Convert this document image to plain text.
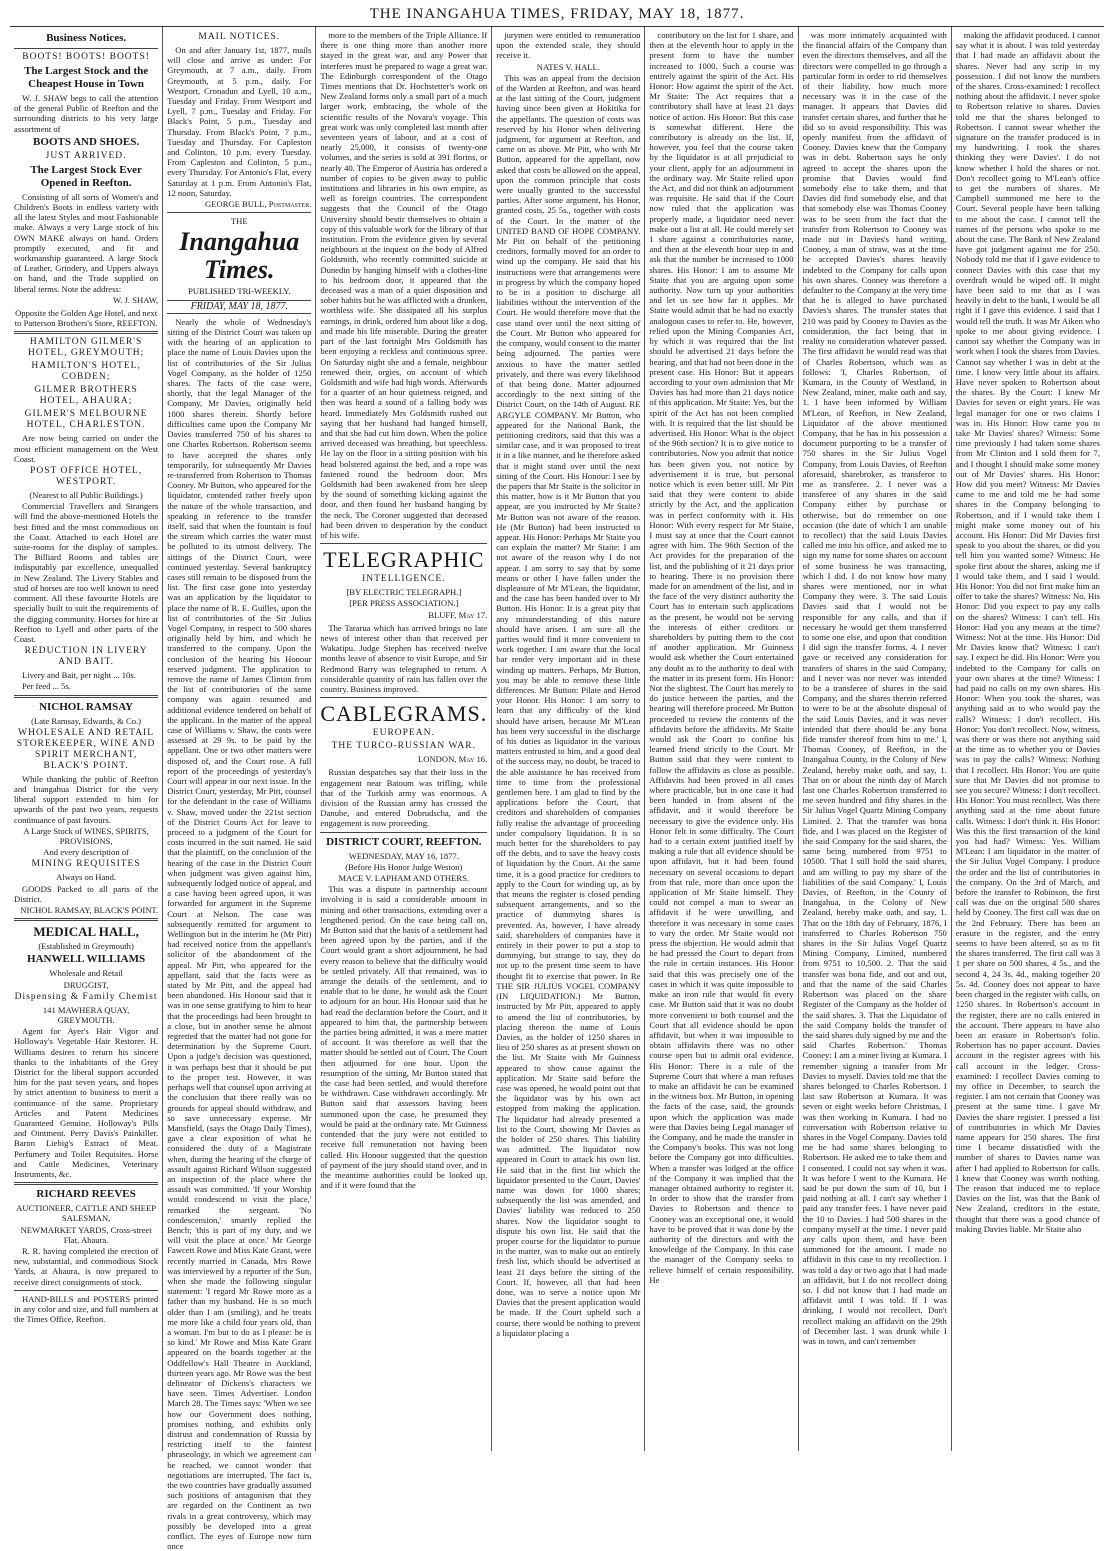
THE INANGAHUA TIMES, FRIDAY, MAY 18, 1877.
Business Notices.
BOOTS! BOOTS! BOOTS!
The Largest Stock and the Cheapest House in Town

W. J. SHAW begs to call the attention of the general Public of Reefton and the surrounding districts to his very large assortment of

BOOTS AND SHOES.
JUST ARRIVED.
The Largest Stock Ever Opened in Reefton.

Consisting of all sorts of Women's and Children's Boots in endless variety with all the latest Styles and most Fashionable make. Always a very Large stock of his OWN MAKE always on hand. Orders promptly executed, and fit and workmanship guaranteed. A large Stock of Leather, Grindery, and Uppers always on hand, and the Trade supplied on liberal terms. Note the address:

W. J. SHAW,

Opposite the Golden Age Hotel, and next to Patterson Brothers's Store, REEFTON.

HAMILTON GILMER'S HOTEL, GREYMOUTH;
HAMILTON'S HOTEL, COBDEN;
GILMER BROTHERS HOTEL, AHAURA;
GILMER'S MELBOURNE HOTEL, CHARLESTON.

Are now being carried on under the most efficient management on the West Coast.

POST OFFICE HOTEL, WESTPORT.

(Nearest to all Public Buildings.)

Commercial Travellers and Strangers will find the above-mentioned Hotels the best fitted and the most commodious on the Coast. Attached to each Hotel are suite-rooms for the display of samples. The Billiard Rooms and tables are indisputably par excellence, unequalled in New Zealand. The Livery Stables and stud of horses are too well known to need comment. All these favourite Hotels are specially built to suit the requirements of the digging community. Horses for hire at Reefton to Lyell and other parts of the Coast.

REDUCTION IN LIVERY AND BAIT.

Livery and Bait, per night ... 10s.

Per feed ... 5s.

NICHOL RAMSAY

(Late Ramsay, Edwards, & Co.)

WHOLESALE AND RETAIL STOREKEEPER, WINE AND SPIRIT MERCHANT, BLACK'S POINT.

While thanking the public of Reefton and Inangahua District for the very liberal support extended to him for upwards of the past two years, requests continuance of past favours.

A Large Stock of WINES, SPIRITS, PROVISIONS,

And every description of

MINING REQUISITES

Always on Hand.

GOODS Packed to all parts of the District.

NICHOL RAMSAY, BLACK'S POINT.
MEDICAL HALL,

(Established in Greymouth)

HANWELL WILLIAMS

Wholesale and Retail

DRUGGIST,

Dispensing & Family Chemist

141 MAWHERA QUAY, GREYMOUTH.

Agent for Ayer's Hair Vigor and Holloway's Vegetable Hair Restorer. H. Williams desires to return his sincere thanks to the inhabitants of the Grey District for the liberal support accorded him for the past seven years, and hopes by strict attention to business to merit a continuance of the same. Proprietary Articles and Patent Medicines Guaranteed Genuine. Holloway's Pills and Ointment. Perry Davis's Painkiller. Baron Liebig's Extract of Meat. Perfumery and Toilet Requisites. Horse and Cattle Medicines, Veterinary Instruments, &c.

RICHARD REEVES

AUCTIONEER, CATTLE AND SHEEP SALESMAN,

NEWMARKET YARDS, Cross-street Flat, Ahaura.

R. R. having completed the erection of new, substantial, and commodious Stock Yards, at Ahaura, is now prepared to receive direct consignments of stock.

HAND-BILLS and POSTERS printed in any color and size, and full numbers at the Times Office, Reefton.

MAIL NOTICES.

On and after January 1st, 1877, mails will close and arrive as under: For Greymouth, at 7 a.m., daily. From Greymouth, at 5 p.m., daily. For Westport, Cronadun and Lyell, 10 a.m., Tuesday and Friday. From Westport and Lyell, 7 p.m., Tuesday and Friday. For Black's Point, 5 p.m., Tuesday and Thursday. From Black's Point, 7 p.m., Tuesday and Thursday. For Capleston and Colinton, 10 p.m. every Tuesday. From Capleston and Colinton, 5 p.m., every Thursday. For Antonio's Flat, every Saturday at 1 p.m. From Antonio's Flat, 12 noon, Saturday.

GEORGE BULL, Postmaster.

THE

Inangahua Times.

PUBLISHED TRI-WEEKLY.

FRIDAY, MAY 18, 1877.

Nearly the whole of Wednesday's sitting of the District Court was taken up with the hearing of an application to place the name of Louis Davies upon the list of contributories of the Sir Julius Vogel Company, as the holder of 1250 shares. The facts of the case were, shortly, that the legal Manager of the Company, Mr Davies, originally held 1000 shares therein. Shortly before difficulties came upon the Company Mr Davies transferred 750 of his shares to one Charles Robertson. Robertson seems to have accepted the shares only temporarily, for subsequently Mr Davies re-transferred from Robertson to Thomas Cooney. Mr Button, who appeared for the liquidator, contended rather freely upon the nature of the whole transaction, and speaking in reference to the transfer itself, said that when the fountain is foul the stream which carries the water must be polluted to its utmost delivery. The sittings of the District Court, were continued yesterday. Several bankruptcy cases still remain to be disposed from the list. The first case gone into yesterday was an application by the liquidator to place the name of R. E. Guilles, upon the list of contributories of the Sir Julius Vogel Company, in respect to 500 shares originally held by him, and which he transferred to the company. Upon the conclusion of the hearing his Honour reserved judgment. The application to remove the name of James Clinton from the list of contributories of the same company was again resumed and additional evidence tendered on behalf of the applicant. In the matter of the appeal case of Williams v. Shaw, the costs were assessed at 29 9s. to be paid by the appellant. One or two other matters were disposed of, and the Court rose. A full report of the proceedings of yesterday's Court will appear in our next issue. In the District Court, yesterday, Mr Pitt, counsel for the defendant in the case of Williams v. Shaw, moved under the 221st section of the District Courts Act for leave to proceed to a judgment of the Court for costs incurred in the suit named. He said that the plaintiff, on the conclusion of the hearing of the case in the District Court when judgment was given against him, subsequently lodged notice of appeal, and a case having been agreed upon, it was forwarded for argument in the Supreme Court at Nelson. The case was subsequently remitted for argument to Wellington but in the interim he (Mr Pitt) had received notice from the appellant's solicitor of the abandonment of the appeal. Mr Pitt, who appeared for the appellant, said that the facts were as stated by Mr Pitt, and the appeal had been abandoned. His Honour said that it was in one sense gratifying to him to hear that the proceedings had been brought to a close, but in another sense he almost regretted that the matter had not gone for determination by the Supreme Court. Upon a judge's decision was questioned, it was perhaps best that it should be put to the proper test. However, it was perhaps well that counsel upon arriving at the conclusion that there really was no grounds for appeal should withdraw, and so save unnecessary expense. Mr Mansfield, (says the Otago Daily Times), gave a clear exposition of what he considered the duty of a Magistrate when, during the hearing of the charge of assault against Richard Wilson suggested an inspection of the place where the assault was committed. 'If your Worship would condescend to visit the place,' remarked the sergeant. 'No condescension,' smartly replied the Bench; 'this is part of my duty, and we will visit the place at once.' Mr George Fawcett Rowe and Miss Kate Grant, were recently married in Canada, Mrs Rowe was interviewed by a reporter of the Sun, when she made the following singular statement: 'I regard Mr Rowe more as a father than my husband. He is so much older than I am (smiling), and he treats me more like a child four years old, than a woman. I'm but to do as I please: he is so kind.' Mr Rowe and Miss Kate Grant appeared on the boards together at the Oddfellow's Hall Theatre in Auckland, thirteen years ago. Mr Rowe was the best delineator of Dickens's characters we have seen. Times Advertiser. London March 28. The Times says: 'When we see how our Government does nothing, promises nothing, and exhibits only distrust and condemnation of Russia by restricting itself to the faintest phraseology, in which we agreement can be reached, we cannot wonder that negotiations are interrupted. The fact is, the two countries have gradually assumed such positions of antagonism that they are regarded on the Continent as two rivals in a great controversy, which may possibly be developed into a great conflict. The eyes of Europe now turn once

more to the members of the Triple Alliance. If there is one thing more than another more stayed in the great war, and any Power that interferes must be prepared to wage a great war. The Edinburgh correspondent of the Otago Times mentions that Dr. Hochstetter's work on New Zealand forms only a small part of a much larger work, embracing, the whole of the scientific results of the Novara's voyage. This great work was only completed last month after seventeen years of labour, and at a cost of nearly 25,000, it consists of twenty-one volumes, and the series is sold at 391 florins, or nearly 40. The Emperor of Austria has ordered a number of copies to be given away to public institutions and libraries in his own empire, as well as foreign countries. The correspondent suggests that the Council of the Otago University should bestir themselves to obtain a copy of this valuable work for the library of that institution. From the evidence given by several neighbours at the inquest on the body of Alfred Goldsmith, who recently committed suicide at Dunedin by hanging himself with a clothes-line to his bedroom door, it appeared that the deceased was a man of a quiet disposition and sober habits but he was afflicted with a drunken, worthless wife. She dissipated all his surplus earnings, in drink, ordered him about like a dog, and made his life miserable. During the greater part of the last fortnight Mrs Goldsmith has been enjoying a reckless and continuous spree. On Saturday night she and a female, neighbour renewed their, orgies, on account of which Goldsmith and wife had high words. Afterwards for a quarter of an hour quietness reigned, and then was heard a sound of a falling body was heard. Immediately Mrs Goldsmith rushed out saying that her husband had hanged himself, and that she had cut him down. When the police arrived deceased was breathing, but speechless. He lay on the floor in a sitting position with his head bolstered against the bed, and a rope was fastened round the bedroom door. Mrs Goldsmith had been awakened from her sleep by the sound of something kicking against the door, and then found her husband hanging by the neck. The Coroner suggested that deceased had been driven to desperation by the conduct of his wife.

TELEGRAPHIC
INTELLIGENCE.

[BY ELECTRIC TELEGRAPH.]

[PER PRESS ASSOCIATION.]

BLUFF, May 17.

The Tararua which has arrived brings no late news of interest other than that received per Wakatipu. Judge Stephen has received twelve months leave of absence to visit Europe, and Sir Redmond Barry was telegraphed to return. A considerable quantity of rain has fallen over the country. Business improved.

CABLEGRAMS.
EUROPEAN.
THE TURCO-RUSSIAN WAR.
LONDON, May 16.

Russian despatches say that their loss in the engagement near Batoum was trifling, while that of the Turkish army was enormous. A division of the Russian army has crossed the Danube, and entered Dobrudscha, and the engagement is now proceeding.

DISTRICT COURT, REEFTON.

WEDNESDAY, MAY 16, 1877.

(Before His Honor Judge Weston)

MACE V. LAPHAM AND OTHERS.

This was a dispute in partnership account involving it is said a considerable amount in mining and other transactions, extending over a lengthened period. On the case being call on, Mr Button said that the basis of a settlement had been agreed upon by the parties, and if the Court would grant a short adjournment, he had every reason to believe that the difficulty would be settled privately. All that remained, was to arrange the details of the settlement, and to enable that to be done, he would ask the Court to adjourn for an hour. His Honour said that he had read the declaration before the Court, and it appeared to him that, the partnership between the parties being admitted, it was a mere matter of account. It was therefore as well that the matter should be settled out of Court. The Court then adjourned for one hour. Upon the resumption of the sitting, Mr Button stated that the case had been settled, and would therefore be withdrawn. Case withdrawn accordingly. Mr Button said that assessors having been summoned upon the case, he presumed they would be paid at the ordinary rate. Mr Guinness contended that the jury were not entitled to receive full remuneration not having been called. His Honour suggested that the question of payment of the jury should stand over, and in the meantime authorities could be looked up, and if it were found that the

jurymen were entitled to remuneration upon the extended scale, they should receive it.

NATES V. HALL.

This was an appeal from the decision of the Warden at Reefton, and was heard at the last sitting of the Court, judgment having since been given at Hokitika for the appellants. The question of costs was reserved by his Honor when delivering judgment, for argument at Reefton, and came on as above. Mr Pitt, who with Mr Button, appeared for the appellant, now asked that costs be allowed on the appeal, upon the common principle that costs were usually granted to the successful parties. After some argument, his Honor, granted costs, 25 5s., together with costs of the Court. In the matter of the UNITED BAND OF HOPE COMPANY. Mr Pitt on behalf of the petitioning creditors, formally moved for an order to wind up the company. He said that his instructions were that arrangements were in progress by which the company hoped to be in a position to discharge all liabilities without the intervention of the Court. He would therefore move that the case stand over until the next sitting of the Court. Mr Button who appeared for the company, would consent to the matter being adjourned. The parties were anxious to have the matter settled privately, and there was every likelihood of that being done. Matter adjourned accordingly to the next sitting of the District Court, on the 14th of August. RE ARGYLE COMPANY. Mr Button, who appeared for the National Bank, the petitioning creditors, said that this was a similar case, and it was proposed to treat it in a like manner, and he therefore asked that it might stand over until the next sitting of the Court. His Honour: I see by the papers that Mr Staite is the solicitor in this matter, how is it Mr Button that you appear, are you instructed by Mr Staite? Mr Button was not aware of the reason. He (Mr Button) had been instructed to appear. His Honor: Perhaps Mr Staite you can explain the matter? Mr Staite: I am not aware of the reason why I do not appear. I am sorry to say that by some means or other I have fallen under the displeasure of Mr M'Lean, the liquidator, and the case has been handed over to Mr Button. His Honor: It is a great pity that any misunderstanding of this nature should have arisen. I am sure all the parties would find it more convenient to work together. I am aware that the local bar render very important aid in these winding up matters. Perhaps, Mr Button, you may be able to remove these little differences. Mr Button: Pilate and Herod your Honor. His Honor: I am sorry to learn that any difficulty of the kind should have arisen, because Mr M'Lean has been very successful in the discharge of his duties as liquidator in the various matters entrusted to him, and a good deal of the success may, no doubt, be traced to the able assistance he has received from time to time from the professional gentlemen here. I am glad to find by the applications before the Court, that creditors and shareholders of companies fully realise the advantage of proceeding under compulsory liquidation. It is so much better for the shareholders to pay off the debts, and to save the heavy costs of liquidation by the Court. At the same time, it is a good practice for creditors to apply to the Court for winding up, as by that means the register is closed pending subsequent arrangements, and so the practice of dummying shares is prevented. As, however, I have already said, shareholders of companies have it entirely in their power to put a stop to dummying, but strange to say, they do not up to the present time seem to have thought fit to exercise that power. In Re THE SIR JULIUS VOGEL COMPANY (IN LIQUIDATION.) Mr Button, instructed by Mr Pitt, appeared to apply to amend the list of contributories, by placing thereon the name of Louis Davies, as the holder of 1250 shares in lieu of 250 shares as at present shown on the list. Mr Staite with Mr Guinness appeared to show cause against the application. Mr Staite said before the case was opened, he would point out that the liquidator was by his own act estopped from making the application. The liquidator had already presented a list to the Court, showing Mr Davies as the holder of 250 shares. This liability was admitted. The liquidator now appeared in Court to attack his own list. He said that in the first list which the liquidator presented to the Court, Davies' name was down for 1000 shares; subsequently the list was amended, and Davies' liability was reduced to 250 shares. Now the liquidator sought to dispute his own list. He said that the proper course for the liquidator to pursue in the matter, was to make out an entirely fresh list, which should be advertised at least 21 days before the sitting of the Court. If, however, all that had been done, was to serve a notice upon Mr Davies that the present application would be made. If the Court upheld such a course, there would be nothing to prevent a liquidator placing a

contributory on the list for 1 share, and then at the eleventh hour to apply in the present form to have the number increased to 1000. Such a course was entirely against the spirit of the Act. His Honor: How against the spirit of the Act. Mr Staite: The Act requires that a contributory shall have at least 21 days notice of action. His Honor: But this case is somewhat different. Here the contributory is already on the list. If, however, you feel that the course taken by the liquidator is at all prejudicial to your client, apply for an adjournment in the ordinary way. Mr Staite relied upon the Act, and did not think an adjournment was requisite. He said that if the Court now ruled that the application was properly made, a liquidator need never make out a list at all. He could merely set 1 share against a contributories name, and then at the eleventh hour step in and ask that the number be increased to 1000 shares. His Honor: I am to assume Mr Staite that you are arguing upon some authority. Now turn up your authorities and let us see how far it applies. Mr Staite would admit that he had no exactly analogous cases to refer to. He, however, relied upon the Mining Companies Act, by which it was required that the list should be advertised 21 days before the hearing, and that had not been done in the present case. His Honor: But it appears according to your own admission that Mr Davies has had more than 21 days notice of this application. Mr Staite: Yes, but the spirit of the Act has not been complied with. It is required that the list should be advertised. His Honor: What is the object of the 96th section? It is to give notice to contributories. Now you admit that notice has been given you, not notice by advertisement it is true, but personal notice which is even better still. Mr Pitt said that they were content to abide strictly by the Act, and the application was in perfect conformity with it. His Honor: With every respect for Mr Staite, I must say at once that the Court cannot agree with him. The 96th Section of the Act provides for the preparation of the list, and the publishing of it 21 days prior to hearing. There is no provision there made for an amendment of the list, and in the face of the very distinct authority the Court has to entertain such applications as the present, he would not be serving the interests of either creditors or shareholders by putting them to the cost of another application. Mr Guinness would ask whether the Court entertained any doubt as to the authority to deal with the matter in its present form. His Honor: Not the slightest. The Court has merely to do justice between the parties, and the hearing will therefore proceed. Mr Button proceeded to review the contents of the affidavits before the affidavits. Mr Staite would ask the Court to confine his learned friend strictly to the Court. Mr Button said that they were content to follow the affidavits as close as possible. Affidavits had been proved in all cases where practicable, but in one case it had been handed in from absent of the affidavit, and it would therefore be necessary to give the evidence only. His Honor felt in some difficulty. The Court had to a certain extent justified itself by making a rule that all evidence should be upon affidavit, but it had been found necessary on several occasions to depart from that rule, more than once upon the application of Mr Staite himself. They could not compel a man to swear an affidavit if he were unwilling, and therefore it was necessary in some cases to vary the order. Mr Staite would not press the objection. He would admit that he had pressed the Court to depart from the rule in certain instances. His Honor said that this was precisely one of the cases in which it was quite impossible to make an iron rule that would fit every case. Mr Button said that it was no doubt more convenient to both counsel and the Court that all evidence should be upon affidavit, but when it was impossible to obtain affidavits there was no other course open but to admit oral evidence. His Honor: There is a rule of the Supreme Court that where a man refuses to make an affidavit he can be examined in the witness box. Mr Button, in opening the facts of the case, said, the grounds upon which the application was made were that Davies being Legal manager of the Company, and he made the transfer in the Company's books. This was not long before the Company got into difficulties. When a transfer was lodged at the office of the Company it was implied that the manager obtained authority to register it. In order to show that the transfer from Davies to Robertson and thence to Cooney was an exceptional one, it would have to be proved that it was done by the authority of the directors and with the knowledge of the Company. In this case the manager of the Company seeks to relieve himself of certain responsibility. He

was more intimately acquainted with the financial affairs of the Company than even the directors themselves, and all the directors were compelled to go through a particular form in order to rid themselves of their liability, how much more necessary was it in the case of the manager. It appears that Davies did transfer certain shares, and further that he did so to avoid responsibility. This was openly manifest from the affidavit of Cooney. Davies knew that the Company was in debt. Robertson says he only agreed to accept the shares upon the promise that Davies would find somebody else to take them, and that Davies did find somebody else, and that that somebody else was Thomas Cooney was to be seen from the fact that the transfer from Robertson to Cooney was made out in Davies's hand writing. Cooney, a man of straw, was at the time he accepted Davies's shares heavily indebted to the Company for calls upon his own shares. Cooney was therefore a defaulter to the Company at the very time that he is alleged to have purchased Davies's shares. The transfer states that 210 was paid by Cooney to Davies as the consideration, the fact being that in reality no consideration whatever passed. The first affidavit he would read was that of Charles Robertson, which was as follows: 'I, Charles Robertson, of Kumara, in the County of Westland, in New Zealand, miner, make oath and say, 1. I have been informed by William M'Lean, of Reefton, in New Zealand, Liquidator of the above mentioned Company, that he has in his possession a document purporting to be a transfer of 750 shares in the Sir Julius Vogel Company, from Louis Davies, of Reefton aforesaid, sharebroker, as transferor to me as transferee. 2. I never was a transferee of any shares in the said Company either by purchase or otherwise, but do remember on one occasion (the date of which I am unable to recollect) that the said Louis Davies called me into his office, and asked me to sign my name for some shares on account of some business he was transacting, which I did. I do not know how many shares were mentioned, nor in what Company they were. 3. The said Louis Davies said that I would not be responsible for any calls, and that if necessary he would get them transferred to some one else, and upon that condition I did sign the transfer forms. 4. I never gave or received any consideration for transfers of shares in the said Company, and I never was nor never was intended to be a transferee of shares in the said Company, and the shares therein referred to were to be at the absolute disposal of the said Louis Davies, and it was never intended that there should be any bona fide transfer thereof from him to me.' I, Thomas Cooney, of Reefton, in the Inangahua County, in the Colony of New Zealand, hereby make oath, and say, 1. That on or about the ninth day of March last one Charles Robertson transferred to me seven hundred and fifty shares in the Sir Julius Vogel Quartz Mining Company Limited. 2. That the transfer was bona fide, and I was placed on the Register of the said Company for the said shares, the same being numbered from 9751 to 10500. 'That I still hold the said shares, and am willing to pay my share of the liabilities of the said Company.' I, Louis Davies, of Reefton, in the County of Inangahua, in the Colony of New Zealand, hereby make oath, and say, 1. That on the 18th day of February, 1876, I transferred to Charles Robertson 750 shares in the Sir Julius Vogel Quartz Mining Company, Limited, numbered from 9751 to 10,500. 2. That the said transfer was bona fide, and out and out, and that the name of the said Charles Robertson was placed on the share Register of the Company as the holder of the said shares. 3. That the Liquidator of the said Company holds the transfer of the said shares duly signed by me and the said Charles Robertson.' Thomas Cooney: I am a miner living at Kumara. I remember signing a transfer from Mr Davies to myself. Davies told me that the shares belonged to Charles Robertson. I last saw Robertson at Kumara. It was seven or eight weeks before Christmas, I was then working in Kumara. I had no conversation with Robertson relative to shares in the Vogel Company. Davies told me he had some shares belonging to Robertson. He asked me to take them and I consented. I could not say when it was. It was before I went to the Kumara. He said he put down the sum of 10, but I paid nothing at all. I can't say whether I paid any transfer fees. I have never paid the 10 to Davies. I had 500 shares in the company myself at the time. I never paid any calls upon them, and have been summoned for the amount. I made no affidavit in this case to my recollection. I was told a day or two ago that I had made an affidavit, but I do not recollect doing so. I did not know that I had made an affidavit until I was told. If I was drinking, I would not recollect. Don't recollect making an affidavit on the 29th of December last. I was drunk while I was in town, and can't remember

making the affidavit produced. I cannot say what it is about. I was told yesterday that I had made an affidavit about the shares. Never had any scrip in my possession. I did not know the numbers of the shares. Cross-examined: I recollect nothing about the affidavit. I never spoke to Robertson relative to shares. Davies told me that the shares belonged to Robertson. I cannot swear whether the signature on the transfer produced is in my handwriting. I took the shares thinking they were Davies'. I do not know whether I hold the shares or not. Don't recollect going to M'Lean's office to get the numbers of shares. Mr Campbell summoned me here to the Court. Several people have been talking to me about the case. I cannot tell the names of the persons who spoke to me about the case. The Bank of New Zealand have got judgment against me for 250. Nobody told me that if I gave evidence to connect Davies with this case that my overdraft would be wiped off. It might have been said to me that as I was heavily in debt to the bank, I would be all right if I gave this evidence. I said that I would tell the truth. It was Mr Aiken who spoke to me about giving evidence. I cannot say whether the Company was in work when I took the shares from Davies. Cannot say whether I was in debt at the time. I know very little about its affairs. Have never spoken to Robertson about the shares. By the Court: I knew Mr Davies for seven or eight years. He was legal manager for one or two claims I was in. His Honor: How came you to take Mr Davies' shares? Witness: Some time previously I had taken some shares from Mr Clinton and I sold them for 7, and I thought I should make some money out of Mr Davies' shares. His Honor: How did you meet? Witness: Mr Davies came to me and told me he had some shares in the Company belonging to Robertson, and if I would take them I might make some money out of his account. His Honor: Did Mr Davies first speak to you about the shares, or did you tell him you wanted some? Witness: He spoke first about the shares, asking me if I would take them, and I said I would. His Honor: You did not first make him an offer to take the shares? Witness: No. His Honor: Did you expect to pay any calls on the shares? Witness: I can't tell. His Honor: Had you any means at the time? Witness: Not at the time. His Honor: Did Mr Davies know that? Witness: I can't say. I expect he did. His Honor: Were you indebted to the Company for calls on your own shares at the time? Witness: I had paid no calls on my own shares. His Honor: When you took the shares, was anything said as to who would pay the calls? Witness: I don't recollect. His Honor: You don't recollect. Now, witness, was there or was there not anything said at the time as to whether you or Davies was to pay the calls? Witness: Nothing that I recollect. His Honor: You are quite sure that Mr Davies did not promise to see you secure? Witness: I don't recollect. His Honor: You must recollect. Was there anything said at the time about future calls. Witness: I don't think it. His Honor: Was this the first transaction of the kind you had had? Witness: Yes. William M'Lean: I am liquidator in the matter of the Sir Julius Vogel Company. I produce the order and the list of contributories in the company. On the 3rd of March, and before the transfer to Robinson, the first call was due on the original 500 shares held by Cooney. The first call was due on the 2nd February. There has been an erasure in the register, and the entry seems to have been altered, so as to fit the shares transferred. The first call was 3 1 per share on 500 shares, 4 5s., and the second 4, 24 3s. 4d., making together 20 5s. 4d. Cooney does not appear to have been charged in the register with calls, on 1250 shares. In Robertson's account in the register, there are no calls entered in the account. There appears to have also been an erasure in Robertson's folio. Robertson has no paper account. Davies account in the register agrees with his call account in the ledger. Cross-examined: I recollect Davies coming to my office in December, to search the register. I am not certain that Cooney was present at the same time. I gave Mr Davies the share register. I pressed a list of contributories in which Mr Davies name appears for 250 shares. The first time I became dissatisfied with the number of shares to Davies name was after I had applied to Robertson for calls. I knew that Cooney was worth nothing. The reason that induced me to replace Davies on the list, was that the Bank of New Zealand, creditors in the estate, thought that there was a good chance of making Davies liable. Mr Staite also
